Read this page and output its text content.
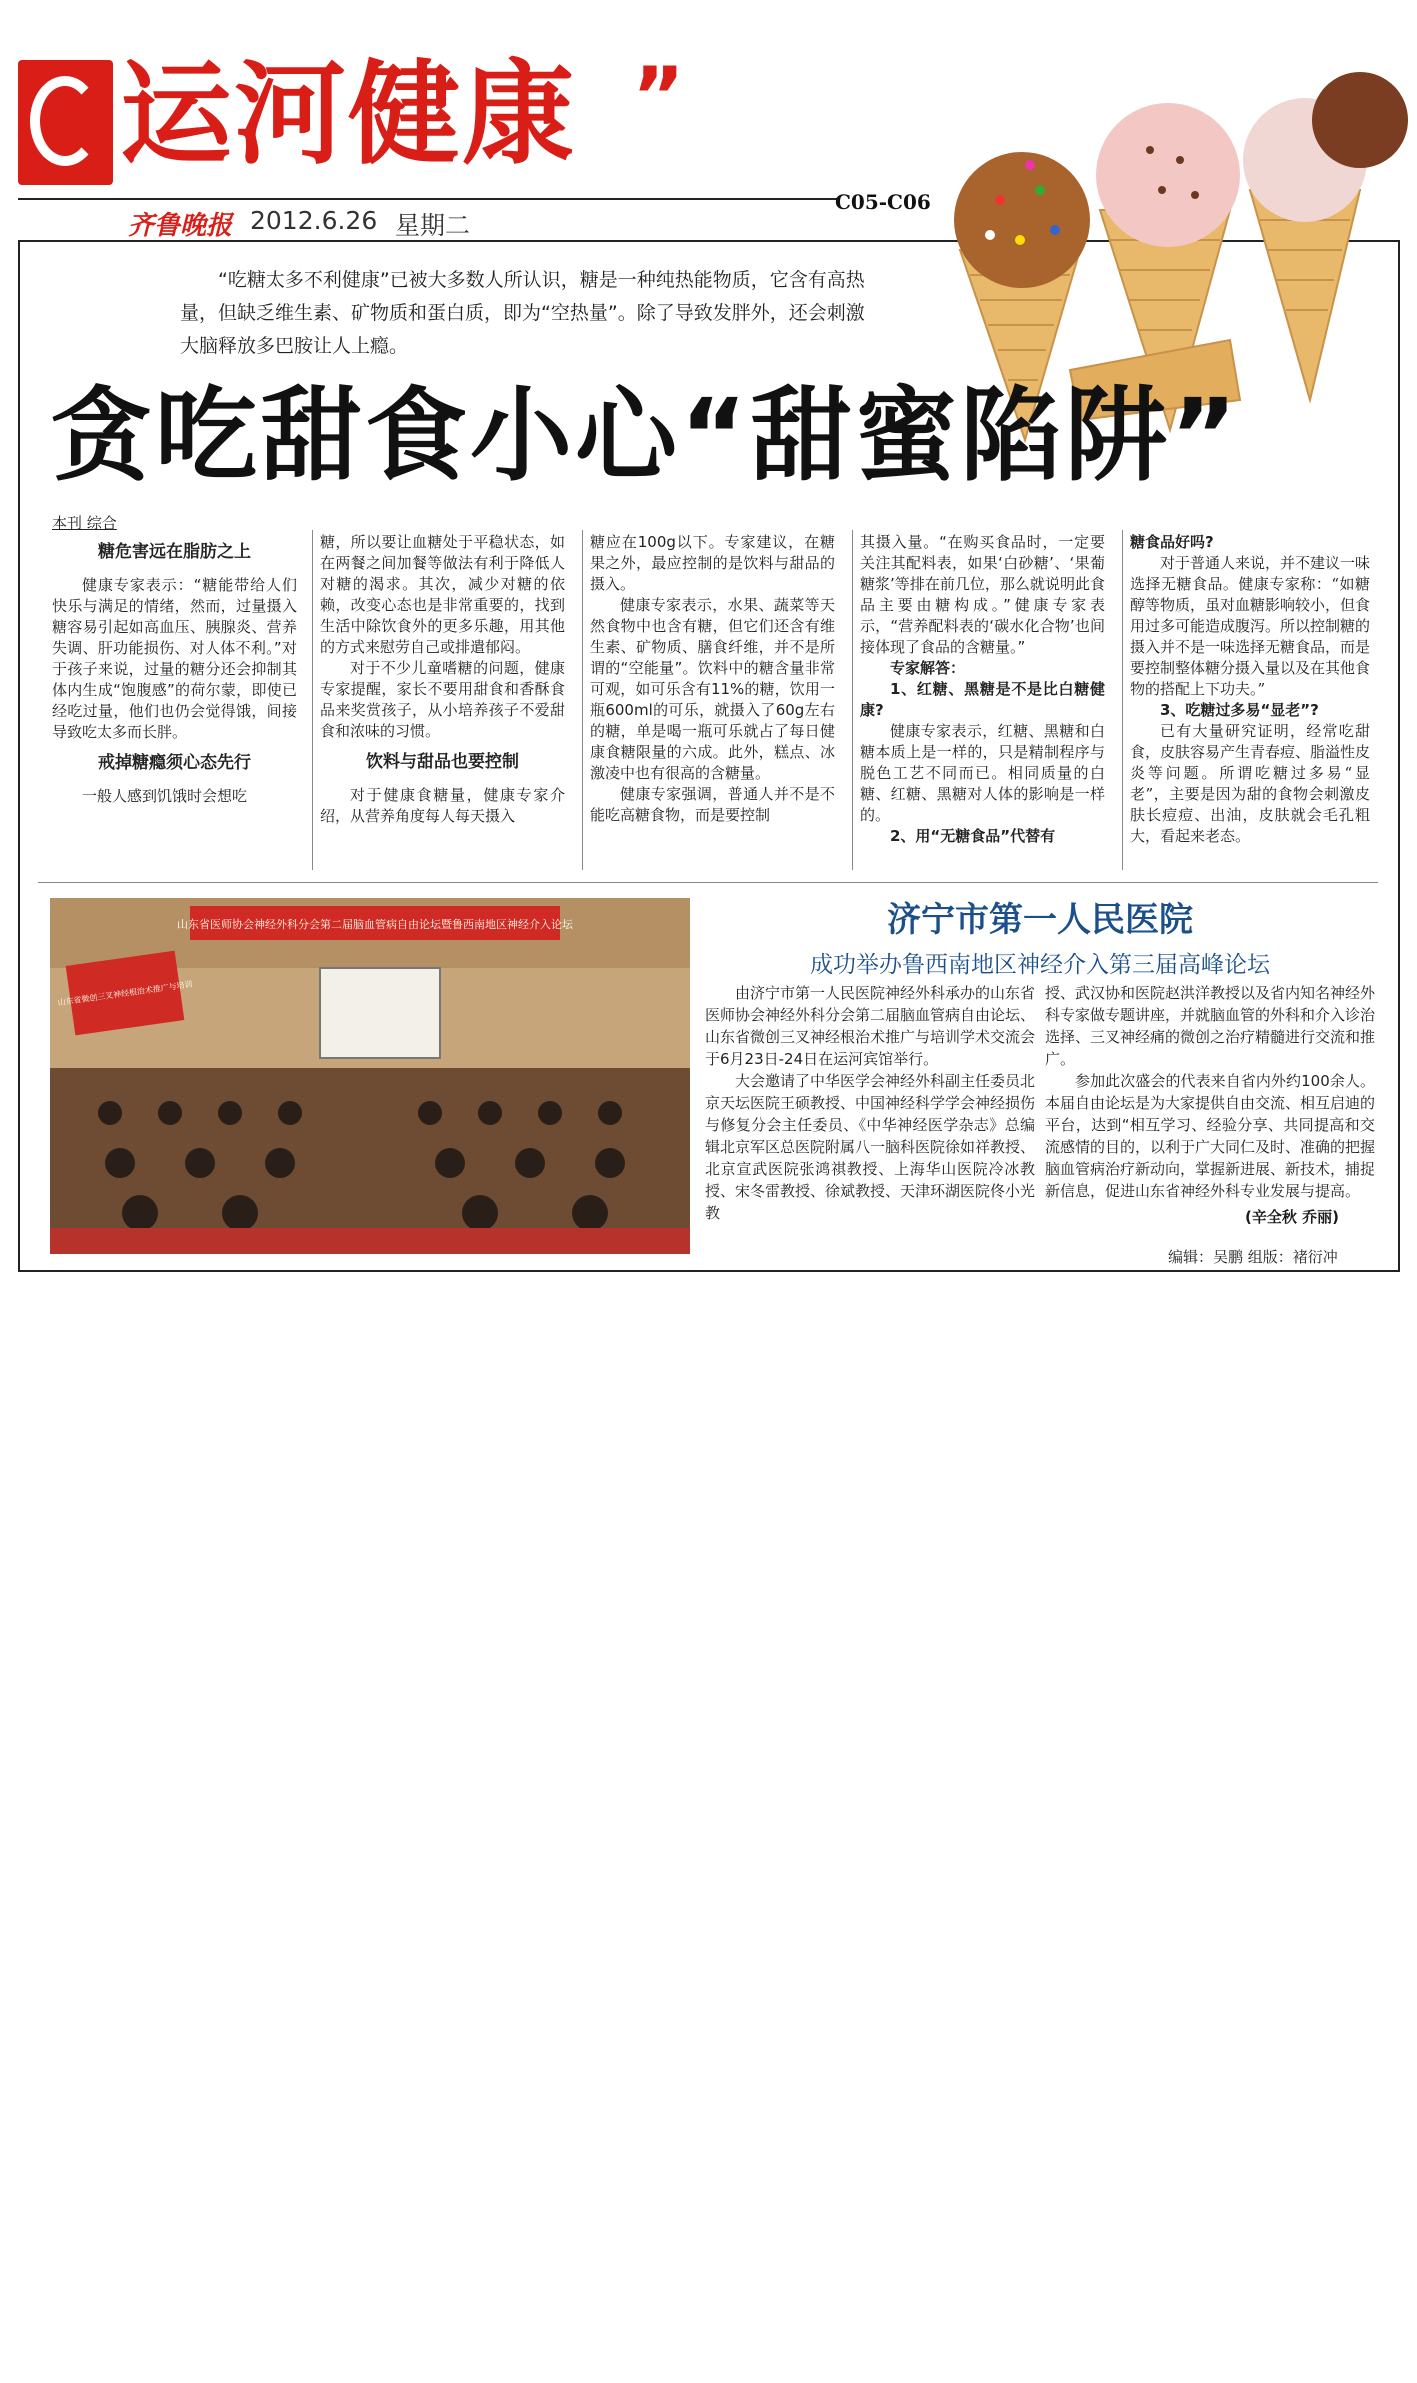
运河健康 ”
齐鲁晚报 2012.6.26 星期二
C05-C06
“吃糖太多不利健康”已被大多数人所认识，糖是一种纯热能物质，它含有高热量，但缺乏维生素、矿物质和蛋白质，即为“空热量”。除了导致发胖外，还会刺激大脑释放多巴胺让人上瘾。
贪吃甜食小心“甜蜜陷阱”
本刊 综合
糖危害远在脂肪之上

健康专家表示：“糖能带给人们快乐与满足的情绪，然而，过量摄入糖容易引起如高血压、胰腺炎、营养失调、肝功能损伤、对人体不利。”对于孩子来说，过量的糖分还会抑制其体内生成“饱腹感”的荷尔蒙，即使已经吃过量，他们也仍会觉得饿，间接导致吃太多而长胖。

戒掉糖瘾须心态先行

一般人感到饥饿时会想吃

糖，所以要让血糖处于平稳状态，如在两餐之间加餐等做法有利于降低人对糖的渴求。其次，减少对糖的依赖，改变心态也是非常重要的，找到生活中除饮食外的更多乐趣，用其他的方式来慰劳自己或排遣郁闷。

对于不少儿童嗜糖的问题，健康专家提醒，家长不要用甜食和香酥食品来奖赏孩子，从小培养孩子不爱甜食和浓味的习惯。

饮料与甜品也要控制

对于健康食糖量，健康专家介绍，从营养角度每人每天摄入

糖应在100g以下。专家建议，在糖果之外，最应控制的是饮料与甜品的摄入。

健康专家表示，水果、蔬菜等天然食物中也含有糖，但它们还含有维生素、矿物质、膳食纤维，并不是所谓的“空能量”。饮料中的糖含量非常可观，如可乐含有11%的糖，饮用一瓶600ml的可乐，就摄入了60g左右的糖，单是喝一瓶可乐就占了每日健康食糖限量的六成。此外，糕点、冰激凌中也有很高的含糖量。

健康专家强调，普通人并不是不能吃高糖食物，而是要控制

其摄入量。“在购买食品时，一定要关注其配料表，如果‘白砂糖’、‘果葡糖浆’等排在前几位，那么就说明此食品主要由糖构成。”健康专家表示，“营养配料表的‘碳水化合物’也间接体现了食品的含糖量。”

专家解答：

1、红糖、黑糖是不是比白糖健康?

健康专家表示，红糖、黑糖和白糖本质上是一样的，只是精制程序与脱色工艺不同而已。相同质量的白糖、红糖、黑糖对人体的影响是一样的。

2、用“无糖食品”代替有

糖食品好吗?

对于普通人来说，并不建议一味选择无糖食品。健康专家称：“如糖醇等物质，虽对血糖影响较小，但食用过多可能造成腹泻。所以控制糖的摄入并不是一味选择无糖食品，而是要控制整体糖分摄入量以及在其他食物的搭配上下功夫。”

3、吃糖过多易“显老”?

已有大量研究证明，经常吃甜食，皮肤容易产生青春痘、脂溢性皮炎等问题。所谓吃糖过多易“显老”，主要是因为甜的食物会刺激皮肤长痘痘、出油，皮肤就会毛孔粗大，看起来老态。

山东省医师协会神经外科分会第二届脑血管病自由论坛暨鲁西南地区神经介入论坛
山东省微创三叉神经根治术推广与培训
济宁市第一人民医院
成功举办鲁西南地区神经介入第三届高峰论坛

由济宁市第一人民医院神经外科承办的山东省医师协会神经外科分会第二届脑血管病自由论坛、山东省微创三叉神经根治术推广与培训学术交流会于6月23日-24日在运河宾馆举行。

大会邀请了中华医学会神经外科副主任委员北京天坛医院王硕教授、中国神经科学学会神经损伤与修复分会主任委员、《中华神经医学杂志》总编辑北京军区总医院附属八一脑科医院徐如祥教授、北京宣武医院张鸿祺教授、上海华山医院冷冰教授、宋冬雷教授、徐斌教授、天津环湖医院佟小光教

授、武汉协和医院赵洪洋教授以及省内知名神经外科专家做专题讲座，并就脑血管的外科和介入诊治选择、三叉神经痛的微创之治疗精髓进行交流和推广。

参加此次盛会的代表来自省内外约100余人。本届自由论坛是为大家提供自由交流、相互启迪的平台，达到“相互学习、经验分享、共同提高和交流感情的目的，以利于广大同仁及时、准确的把握脑血管病治疗新动向，掌握新进展、新技术，捕捉新信息，促进山东省神经外科专业发展与提高。

(辛全秋 乔丽)
编辑：吴鹏 组版：褚衍冲
